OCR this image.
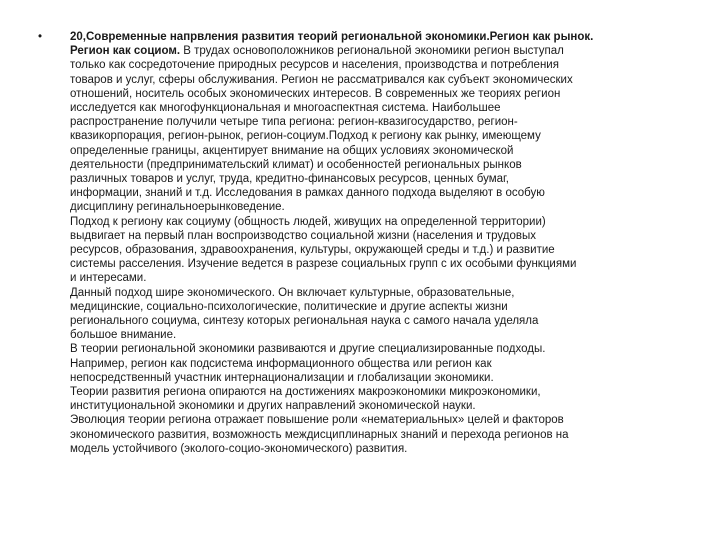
• 20,Современные напрвления развития теорий региональной экономики.Регион как рынок.
Регион как социом. В трудах основоположников региональной экономики регион выступал
только как сосредоточение природных ресурсов и населения, производства и потребления
товаров и услуг, сферы обслуживания. Регион не рассматривался как субъект экономических
отношений, носитель особых экономических интересов. В современных же теориях регион
исследуется как многофункциональная и многоаспектная система. Наибольшее
распространение получили четыре типа региона: регион-квазигосударство, регион-
квазикорпорация, регион-рынок, регион-социум.Подход к региону как рынку, имеющему
определенные границы, акцентирует внимание на общих условиях экономической
деятельности (предпринимательский климат) и особенностей региональных рынков
различных товаров и услуг, труда, кредитно-финансовых ресурсов, ценных бумаг,
информации, знаний и т.д. Исследования в рамках данного подхода выделяют в особую
дисциплину регинальноерынковедение.
Подход к региону как социуму (общность людей, живущих на определенной территории)
выдвигает на первый план воспроизводство социальной жизни (населения и трудовых
ресурсов, образования, здравоохранения, культуры, окружающей среды и т.д.) и развитие
системы расселения. Изучение ведется в разрезе социальных групп с их особыми функциями
и интересами.
Данный подход шире экономического. Он включает культурные, образовательные,
медицинские, социально-психологические, политические и другие аспекты жизни
регионального социума, синтезу которых региональная наука с самого начала уделяла
большое внимание.
В теории региональной экономики развиваются и другие специализированные подходы.
Например, регион как подсистема информационного общества или регион как
непосредственный участник интернационализации и глобализации экономики.
Теории развития региона опираются на достижениях макроэкономики микроэкономики,
институциональной экономики и других направлений экономической науки.
Эволюция теории региона отражает повышение роли «нематериальных» целей и факторов
экономического развития, возможность междисциплинарных знаний и перехода регионов на
модель устойчивого (эколого-социо-экономического) развития.
